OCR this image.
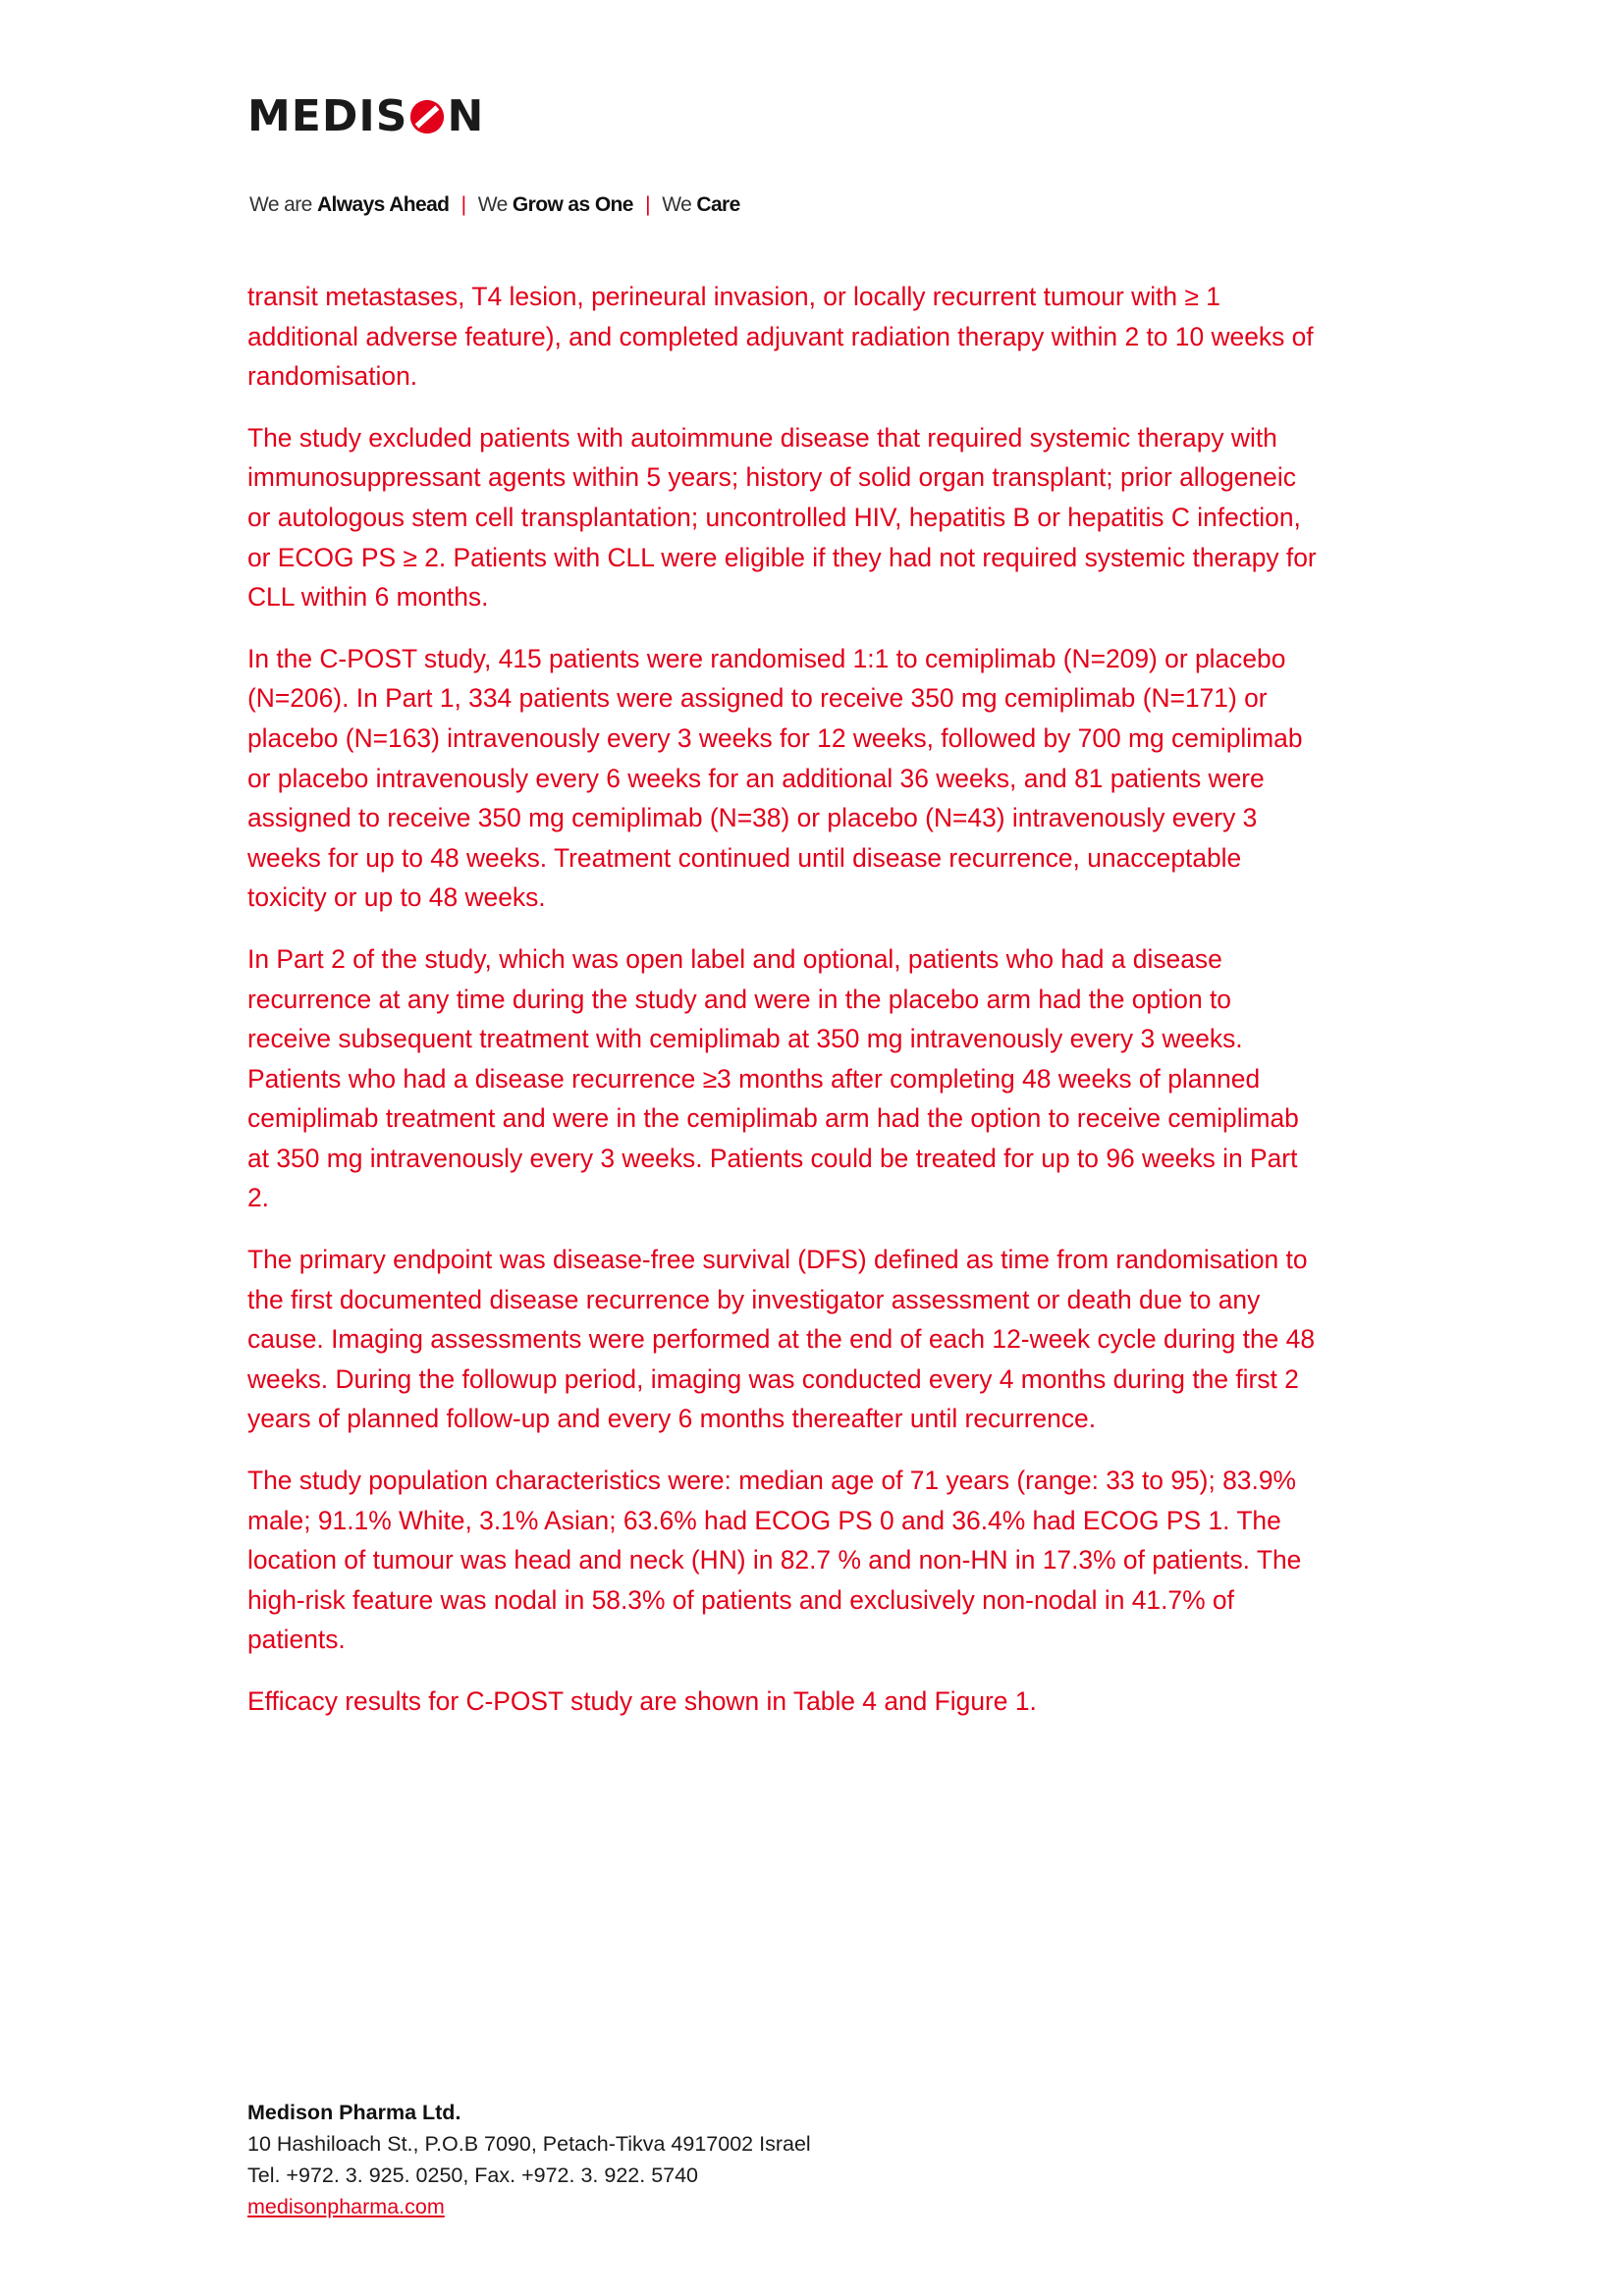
MEDIS N
We are Always Ahead | We Grow as One | We Care

transit metastases, T4 lesion, perineural invasion, or locally recurrent tumour with ≥ 1 additional adverse feature), and completed adjuvant radiation therapy within 2 to 10 weeks of randomisation.

The study excluded patients with autoimmune disease that required systemic therapy with immunosuppressant agents within 5 years; history of solid organ transplant; prior allogeneic or autologous stem cell transplantation; uncontrolled HIV, hepatitis B or hepatitis C infection, or ECOG PS ≥ 2. Patients with CLL were eligible if they had not required systemic therapy for CLL within 6 months.

In the C-POST study, 415 patients were randomised 1:1 to cemiplimab (N=209) or placebo (N=206). In Part 1, 334 patients were assigned to receive 350 mg cemiplimab (N=171) or placebo (N=163) intravenously every 3 weeks for 12 weeks, followed by 700 mg cemiplimab or placebo intravenously every 6 weeks for an additional 36 weeks, and 81 patients were assigned to receive 350 mg cemiplimab (N=38) or placebo (N=43) intravenously every 3 weeks for up to 48 weeks. Treatment continued until disease recurrence, unacceptable toxicity or up to 48 weeks.

In Part 2 of the study, which was open label and optional, patients who had a disease recurrence at any time during the study and were in the placebo arm had the option to receive subsequent treatment with cemiplimab at 350 mg intravenously every 3 weeks. Patients who had a disease recurrence ≥3 months after completing 48 weeks of planned cemiplimab treatment and were in the cemiplimab arm had the option to receive cemiplimab at 350 mg intravenously every 3 weeks. Patients could be treated for up to 96 weeks in Part 2.

The primary endpoint was disease-free survival (DFS) defined as time from randomisation to the first documented disease recurrence by investigator assessment or death due to any cause. Imaging assessments were performed at the end of each 12-week cycle during the 48 weeks. During the followup period, imaging was conducted every 4 months during the first 2 years of planned follow-up and every 6 months thereafter until recurrence.

The study population characteristics were: median age of 71 years (range: 33 to 95); 83.9% male; 91.1% White, 3.1% Asian; 63.6% had ECOG PS 0 and 36.4% had ECOG PS 1. The location of tumour was head and neck (HN) in 82.7 % and non-HN in 17.3% of patients. The high-risk feature was nodal in 58.3% of patients and exclusively non-nodal in 41.7% of patients.

Efficacy results for C-POST study are shown in Table 4 and Figure 1.

Medison Pharma Ltd.
10 Hashiloach St., P.O.B 7090, Petach-Tikva 4917002 Israel
Tel. +972. 3. 925. 0250, Fax. +972. 3. 922. 5740
medisonpharma.com
